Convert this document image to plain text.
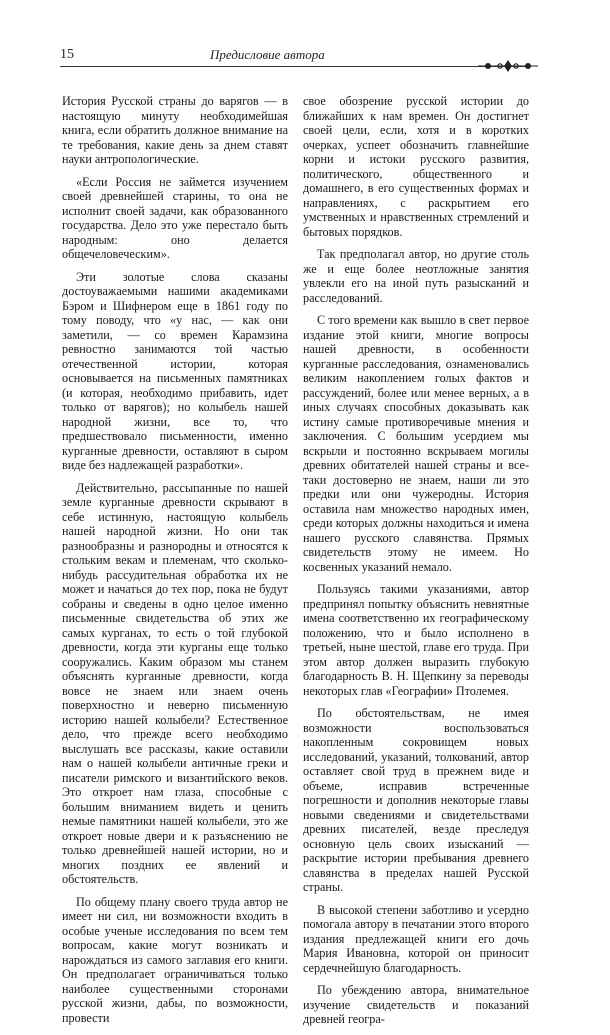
15	Предисловие автора

История Русской страны до варягов — в настоящую минуту необходимейшая книга, если обратить должное внимание на те требования, какие день за днем ставят науки антропологические.

«Если Россия не займется изучением своей древнейшей старины, то она не исполнит своей задачи, как образованного государства. Дело это уже перестало быть народным: оно делается общечеловеческим».

Эти золотые слова сказаны достоуважаемыми нашими академиками Бэром и Шифнером еще в 1861 году по тому поводу, что «у нас, — как они заметили, — со времен Карамзина ревностно занимаются той частью отечественной истории, которая основывается на письменных памятниках (и которая, необходимо прибавить, идет только от варягов); но колыбель нашей народной жизни, все то, что предшествовало письменности, именно курганные древности, оставляют в сыром виде без надлежащей разработки».

Действительно, рассыпанные по нашей земле курганные древности скрывают в себе истинную, настоящую колыбель нашей народной жизни. Но они так разнообразны и разнородны и относятся к стольким векам и племенам, что сколько-нибудь рассудительная обработка их не может и начаться до тех пор, пока не будут собраны и сведены в одно целое именно письменные свидетельства об этих же самых курганах, то есть о той глубокой древности, когда эти курганы еще только сооружались. Каким образом мы станем объяснять курганные древности, когда вовсе не знаем или знаем очень поверхностно и неверно письменную историю нашей колыбели? Естественное дело, что прежде всего необходимо выслушать все рассказы, какие оставили нам о нашей колыбели античные греки и писатели римского и византийского веков. Это откроет нам глаза, способные с большим вниманием видеть и ценить немые памятники нашей колыбели, это же откроет новые двери и к разъяснению не только древнейшей нашей истории, но и многих поздних ее явлений и обстоятельств.

По общему плану своего труда автор не имеет ни сил, ни возможности входить в особые ученые исследования по всем тем вопросам, какие могут возникать и нарождаться из самого заглавия его книги. Он предполагает ограничиваться только наиболее существенными сторонами русской жизни, дабы, по возможности, провести

свое обозрение русской истории до ближайших к нам времен. Он достигнет своей цели, если, хотя и в коротких очерках, успеет обозначить главнейшие корни и истоки русского развития, политического, общественного и домашнего, в его существенных формах и направлениях, с раскрытием его умственных и нравственных стремлений и бытовых порядков.

Так предполагал автор, но другие столь же и еще более неотложные занятия увлекли его на иной путь разысканий и расследований.

С того времени как вышло в свет первое издание этой книги, многие вопросы нашей древности, в особенности курганные расследования, ознаменовались великим накоплением голых фактов и рассуждений, более или менее верных, а в иных случаях способных доказывать как истину самые противоречивые мнения и заключения. С большим усердием мы вскрыли и постоянно вскрываем могилы древних обитателей нашей страны и все-таки достоверно не знаем, наши ли это предки или они чужеродны. История оставила нам множество народных имен, среди которых должны находиться и имена нашего русского славянства. Прямых свидетельств этому не имеем. Но косвенных указаний немало.

Пользуясь такими указаниями, автор предпринял попытку объяснить невнятные имена соответственно их географическому положению, что и было исполнено в третьей, ныне шестой, главе его труда. При этом автор должен выразить глубокую благодарность В. Н. Щепкину за переводы некоторых глав «Географии» Птолемея.

По обстоятельствам, не имея возможности воспользоваться накопленным сокровищем новых исследований, указаний, толкований, автор оставляет свой труд в прежнем виде и объеме, исправив встреченные погрешности и дополнив некоторые главы новыми сведениями и свидетельствами древних писателей, везде преследуя основную цель своих изысканий — раскрытие истории пребывания древнего славянства в пределах нашей Русской страны.

В высокой степени заботливо и усердно помогала автору в печатании этого второго издания предлежащей книги его дочь Мария Ивановна, которой он приносит сердечнейшую благодарность.

По убеждению автора, внимательное изучение свидетельств и показаний древней геогра-
